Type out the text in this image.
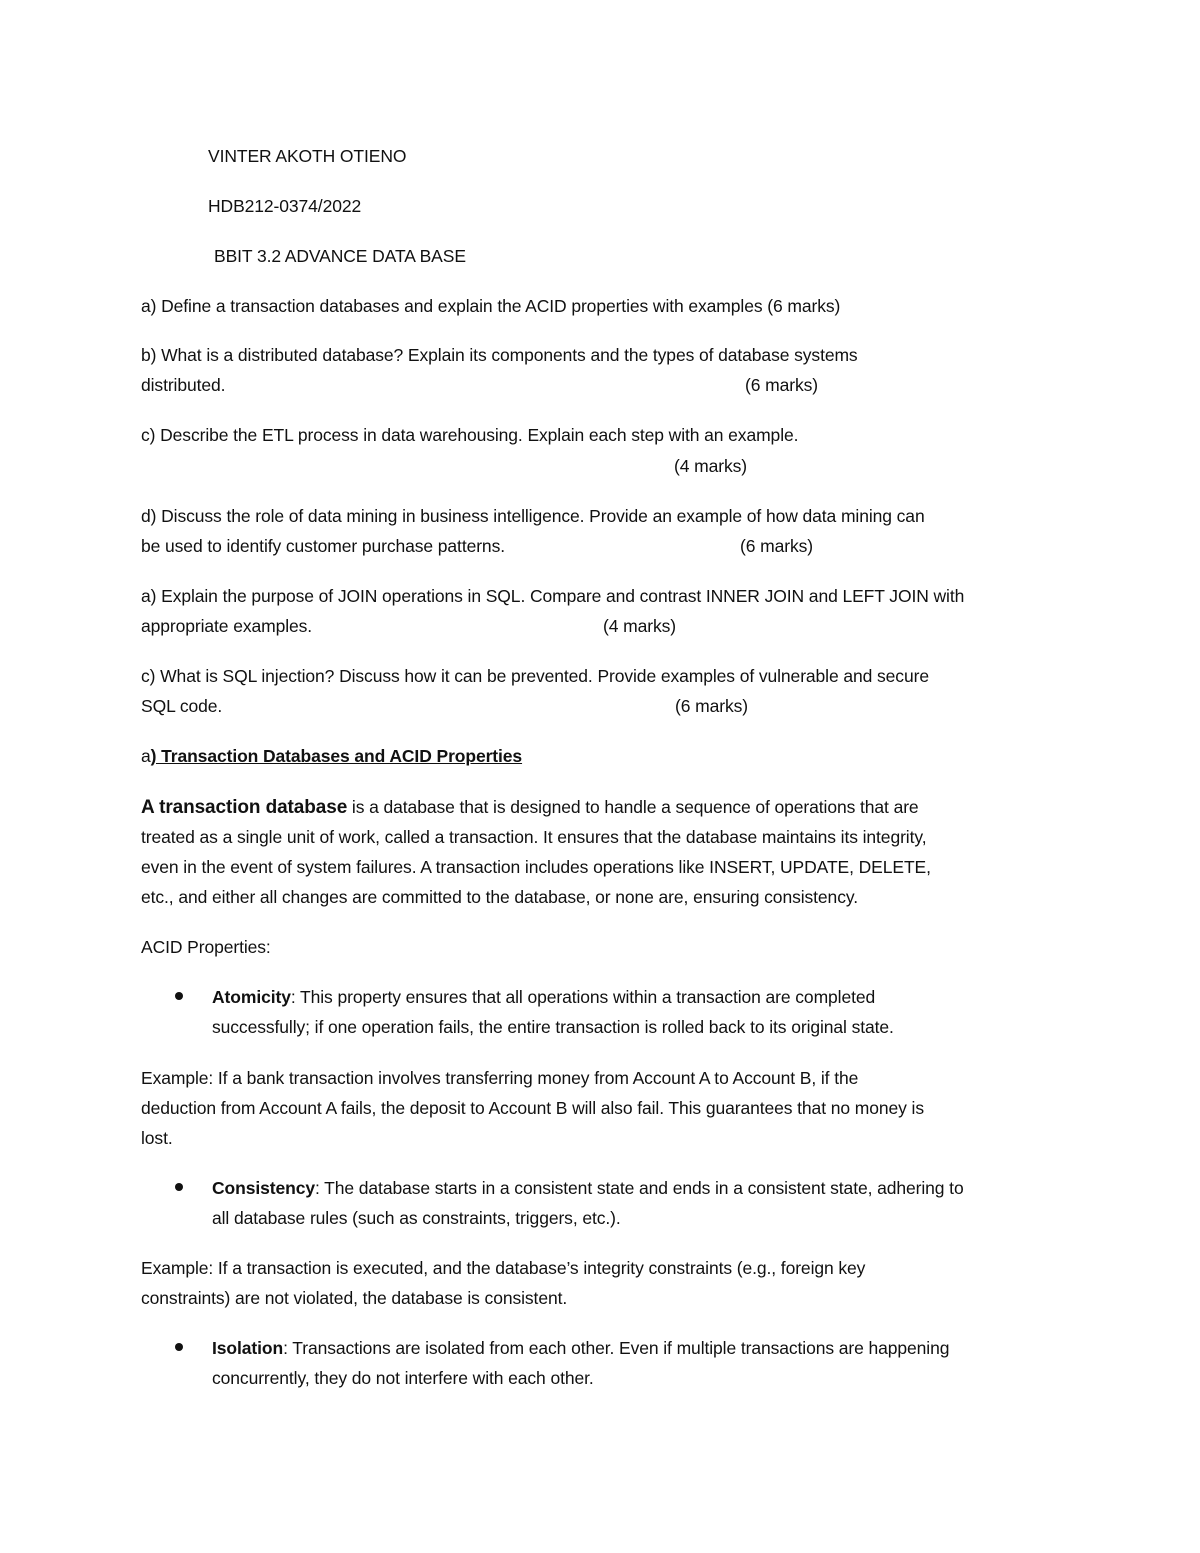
VINTER AKOTH OTIENO
HDB212-0374/2022
BBIT 3.2 ADVANCE DATA BASE
a) Define a transaction databases and explain the ACID properties with examples (6 marks)
b) What is a distributed database? Explain its components and the types of database systems
distributed.	(6 marks)
c) Describe the ETL process in data warehousing. Explain each step with an example.
(4 marks)
d) Discuss the role of data mining in business intelligence. Provide an example of how data mining can
be used to identify customer purchase patterns.	(6 marks)
a) Explain the purpose of JOIN operations in SQL. Compare and contrast INNER JOIN and LEFT JOIN with
appropriate examples.	(4 marks)
c) What is SQL injection? Discuss how it can be prevented. Provide examples of vulnerable and secure
SQL code.	(6 marks)
a) Transaction Databases and ACID Properties
A transaction database is a database that is designed to handle a sequence of operations that are
treated as a single unit of work, called a transaction. It ensures that the database maintains its integrity,
even in the event of system failures. A transaction includes operations like INSERT, UPDATE, DELETE,
etc., and either all changes are committed to the database, or none are, ensuring consistency.
ACID Properties:
Atomicity: This property ensures that all operations within a transaction are completed
successfully; if one operation fails, the entire transaction is rolled back to its original state.
Example: If a bank transaction involves transferring money from Account A to Account B, if the
deduction from Account A fails, the deposit to Account B will also fail. This guarantees that no money is
lost.
Consistency: The database starts in a consistent state and ends in a consistent state, adhering to
all database rules (such as constraints, triggers, etc.).
Example: If a transaction is executed, and the database’s integrity constraints (e.g., foreign key
constraints) are not violated, the database is consistent.
Isolation: Transactions are isolated from each other. Even if multiple transactions are happening
concurrently, they do not interfere with each other.
